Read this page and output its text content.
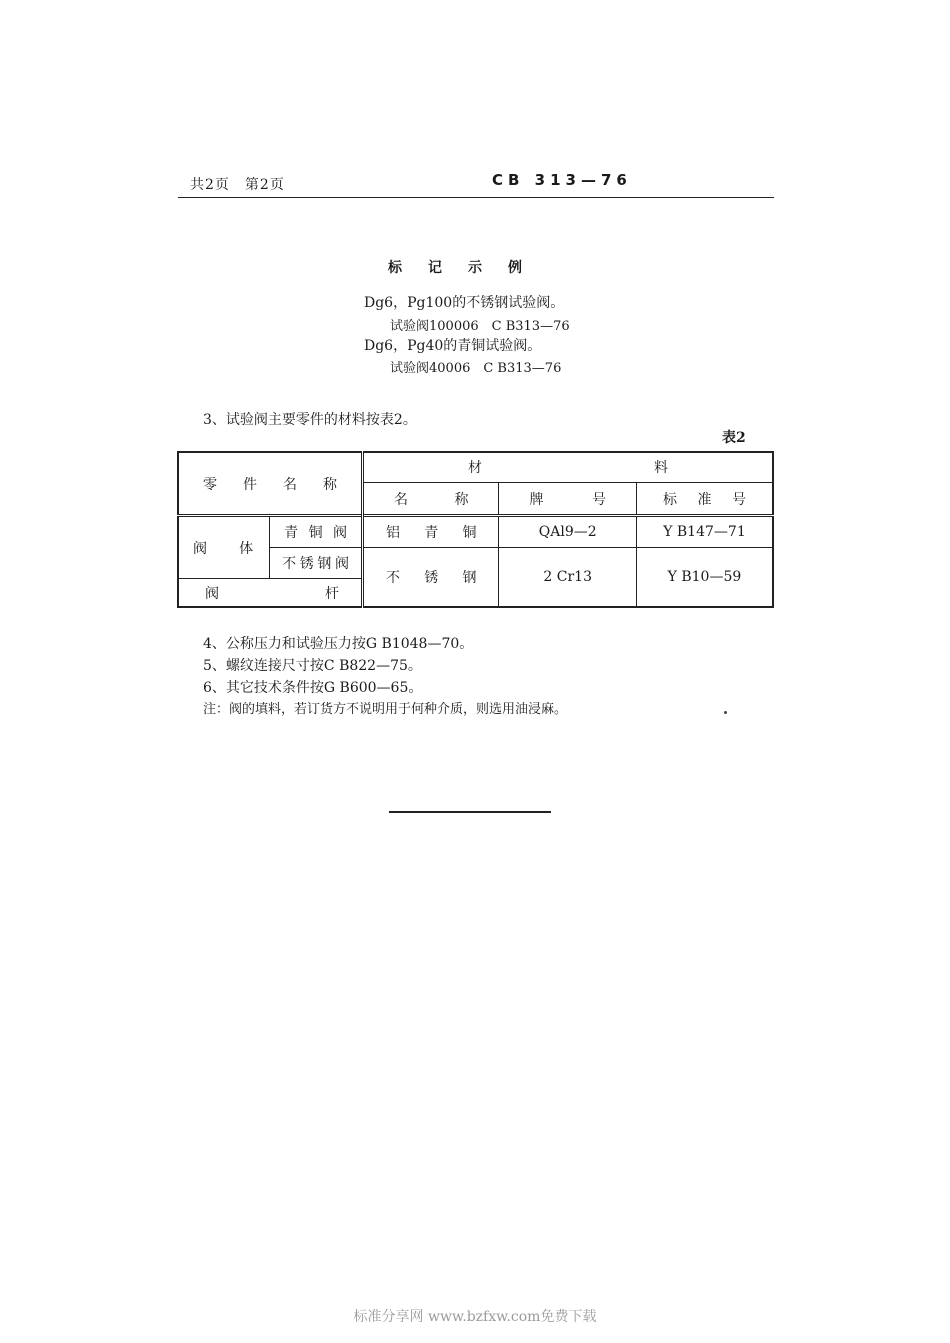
共2页　第2页	CB 313—76
标记示例
Dg6，Pg100的不锈钢试验阀。
试验阀100006　C B313—76
Dg6，Pg40的青铜试验阀。
试验阀40006　C B313—76
3、试验阀主要零件的材料按表2。
表2
零 件 名 称		材 料		

		名 称	牌 号	标 准 号

阀 体	青 铜 阀	铝 青 铜	QAl9—2	Y B147—71

	不 锈 钢 阀	不 锈 钢	2 Cr13	Y B10—59

阀 杆				
4、公称压力和试验压力按G B1048—70。
5、螺纹连接尺寸按C B822—75。
6、其它技术条件按G B600—65。
注：阀的填料，若订货方不说明用于何种介质，则选用油浸麻。
标准分享网 www.bzfxw.com免费下载
